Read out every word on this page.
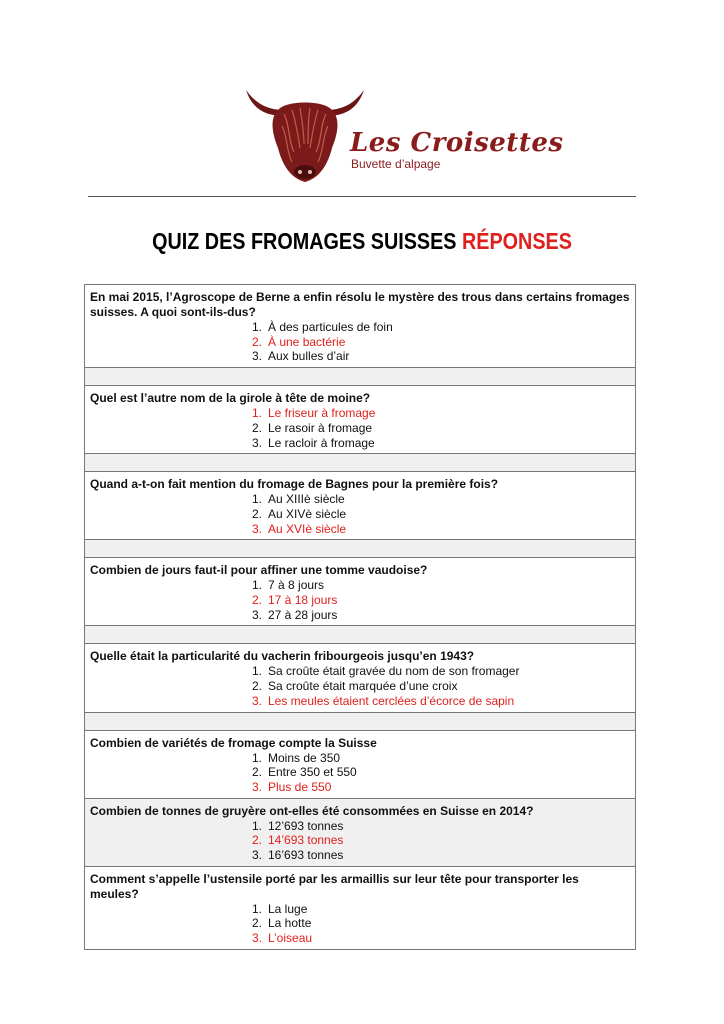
Les Croisettes
Buvette d’alpage
QUIZ DES FROMAGES SUISSES RÉPONSES
En mai 2015, l’Agroscope de Berne a enfin résolu le mystère des trous dans certains fromages suisses. A quoi sont-ils-dus?
1. À des particules de foin
2. À une bactérie
3. Aux bulles d’air

Quel est l’autre nom de la girole à tête de moine?
1. Le friseur à fromage
2. Le rasoir à fromage
3. Le racloir à fromage

Quand a-t-on fait mention du fromage de Bagnes pour la première fois?
1. Au XIIIè siècle
2. Au XIVè siècle
3. Au XVIè siècle

Combien de jours faut-il pour affiner une tomme vaudoise?
1. 7 à 8 jours
2. 17 à 18 jours
3. 27 à 28 jours

Quelle était la particularité du vacherin fribourgeois jusqu’en 1943?
1. Sa croûte était gravée du nom de son fromager
2. Sa croûte était marquée d’une croix
3. Les meules étaient cerclées d’écorce de sapin

Combien de variétés de fromage compte la Suisse
1. Moins de 350
2. Entre 350 et 550
3. Plus de 550

Combien de tonnes de gruyère ont-elles été consommées en Suisse en 2014?
1. 12’693 tonnes
2. 14’693 tonnes
3. 16’693 tonnes

Comment s’appelle l’ustensile porté par les armaillis sur leur tête pour transporter les meules?
1. La luge
2. La hotte
3. L’oiseau
